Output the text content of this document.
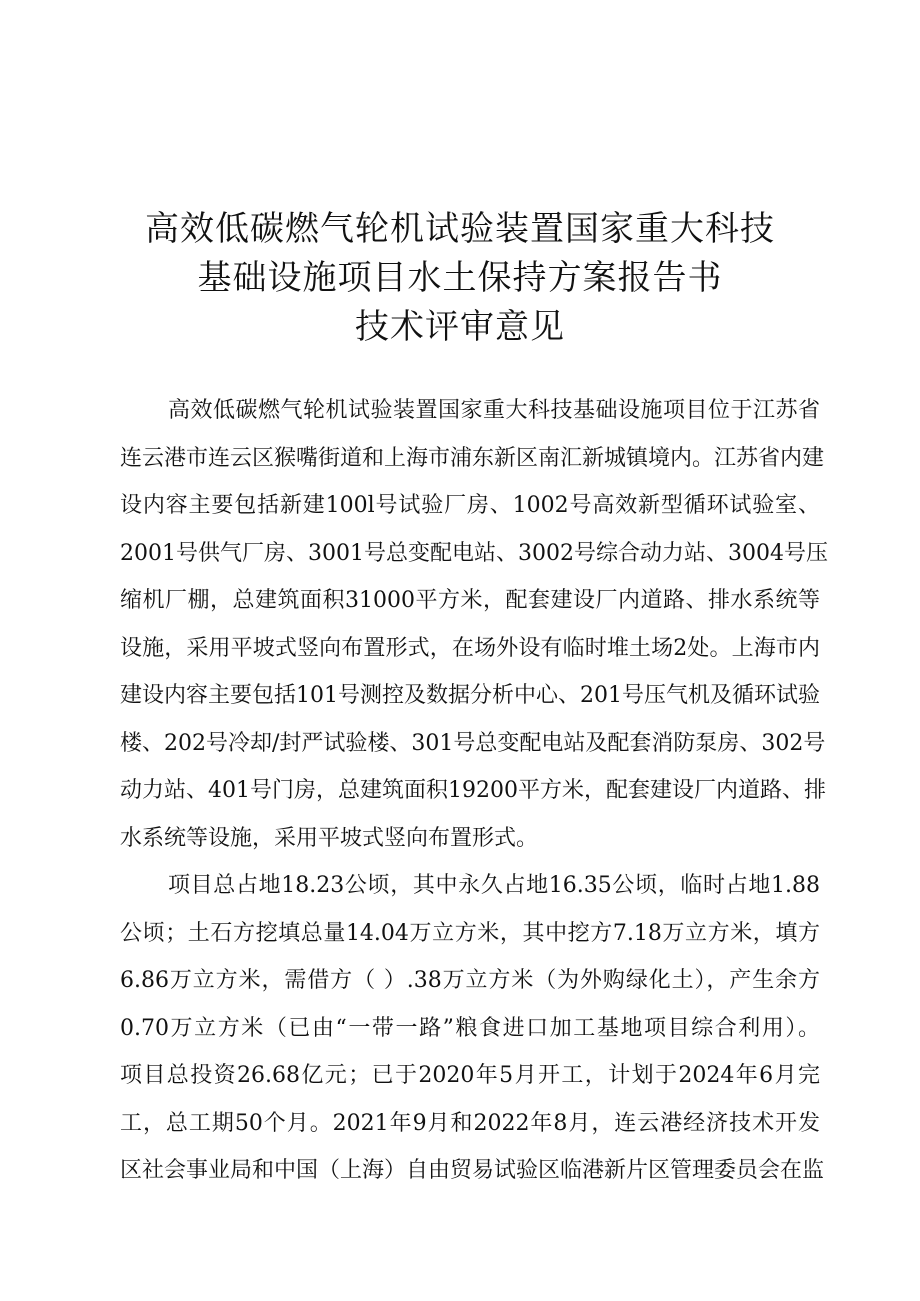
高效低碳燃气轮机试验装置国家重大科技
基础设施项目水土保持方案报告书
技术评审意见
高效低碳燃气轮机试验装置国家重大科技基础设施项目位于江苏省
连云港市连云区猴嘴街道和上海市浦东新区南汇新城镇境内。江苏省内建
设内容主要包括新建100l号试验厂房、1002号高效新型循环试验室、
2001号供气厂房、3001号总变配电站、3002号综合动力站、3004号压
缩机厂棚，总建筑面积31000平方米，配套建设厂内道路、排水系统等
设施，采用平坡式竖向布置形式，在场外设有临时堆土场2处。上海市内
建设内容主要包括101号测控及数据分析中心、201号压气机及循环试验
楼、202号冷却/封严试验楼、301号总变配电站及配套消防泵房、302号
动力站、401号门房，总建筑面积19200平方米，配套建设厂内道路、排
水系统等设施，采用平坡式竖向布置形式。
项目总占地18.23公顷，其中永久占地16.35公顷，临时占地1.88
公顷；土石方挖填总量14.04万立方米，其中挖方7.18万立方米，填方
6.86万立方米，需借方（ ）.38万立方米（为外购绿化土），产生余方
0.70万立方米（已由“一带一路”粮食进口加工基地项目综合利用）。
项目总投资26.68亿元；已于2020年5月开工，计划于2024年6月完
工，总工期50个月。2021年9月和2022年8月，连云港经济技术开发
区社会事业局和中国（上海）自由贸易试验区临港新片区管理委员会在监
